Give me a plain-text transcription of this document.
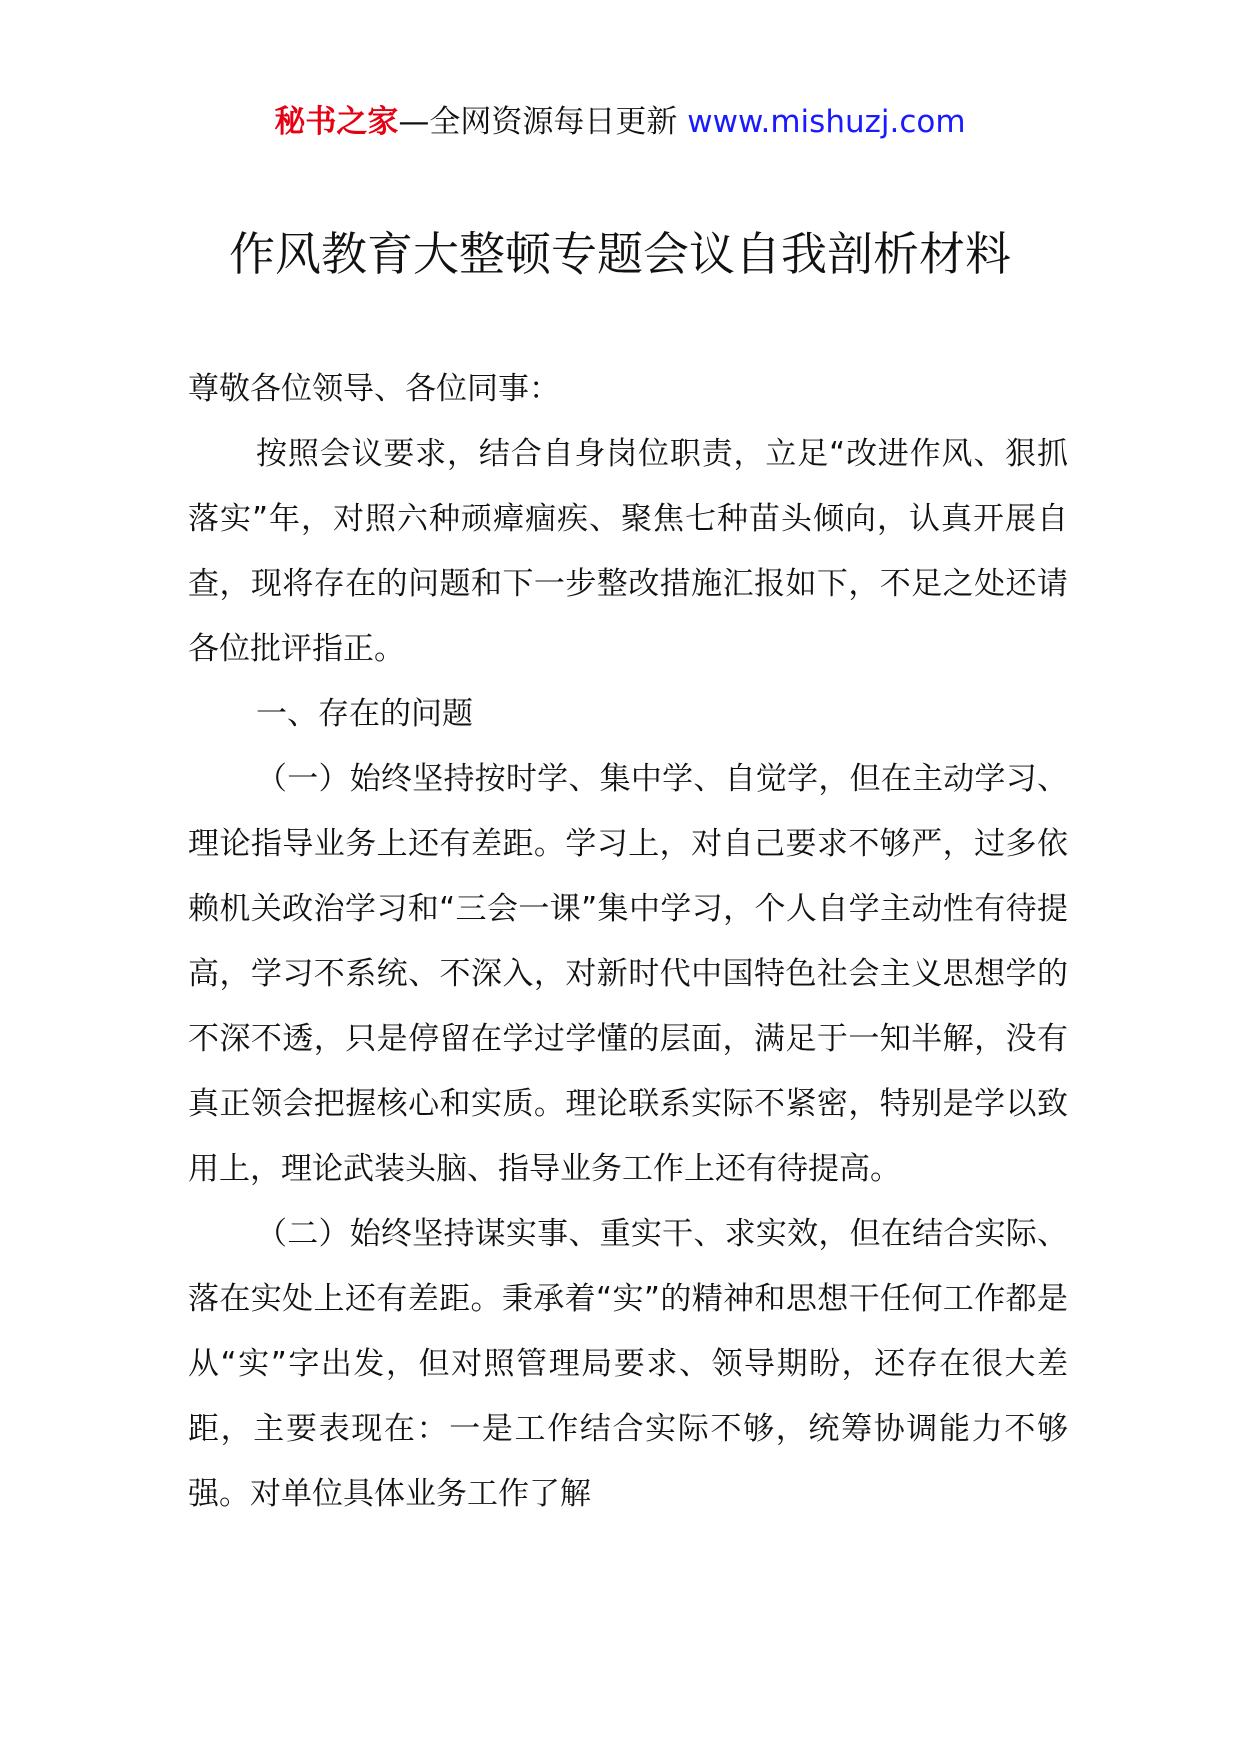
秘书之家—全网资源每日更新 www.mishuzj.com
作风教育大整顿专题会议自我剖析材料

尊敬各位领导、各位同事：

按照会议要求，结合自身岗位职责，立足“改进作风、狠抓落实”年，对照六种顽瘴痼疾、聚焦七种苗头倾向，认真开展自查，现将存在的问题和下一步整改措施汇报如下，不足之处还请各位批评指正。

一、存在的问题

（一）始终坚持按时学、集中学、自觉学，但在主动学习、理论指导业务上还有差距。学习上，对自己要求不够严，过多依赖机关政治学习和“三会一课”集中学习，个人自学主动性有待提高，学习不系统、不深入，对新时代中国特色社会主义思想学的不深不透，只是停留在学过学懂的层面，满足于一知半解，没有真正领会把握核心和实质。理论联系实际不紧密，特别是学以致用上，理论武装头脑、指导业务工作上还有待提高。

（二）始终坚持谋实事、重实干、求实效，但在结合实际、落在实处上还有差距。秉承着“实”的精神和思想干任何工作都是从“实”字出发，但对照管理局要求、领导期盼，还存在很大差距，主要表现在：一是工作结合实际不够，统筹协调能力不够强。对单位具体业务工作了解
